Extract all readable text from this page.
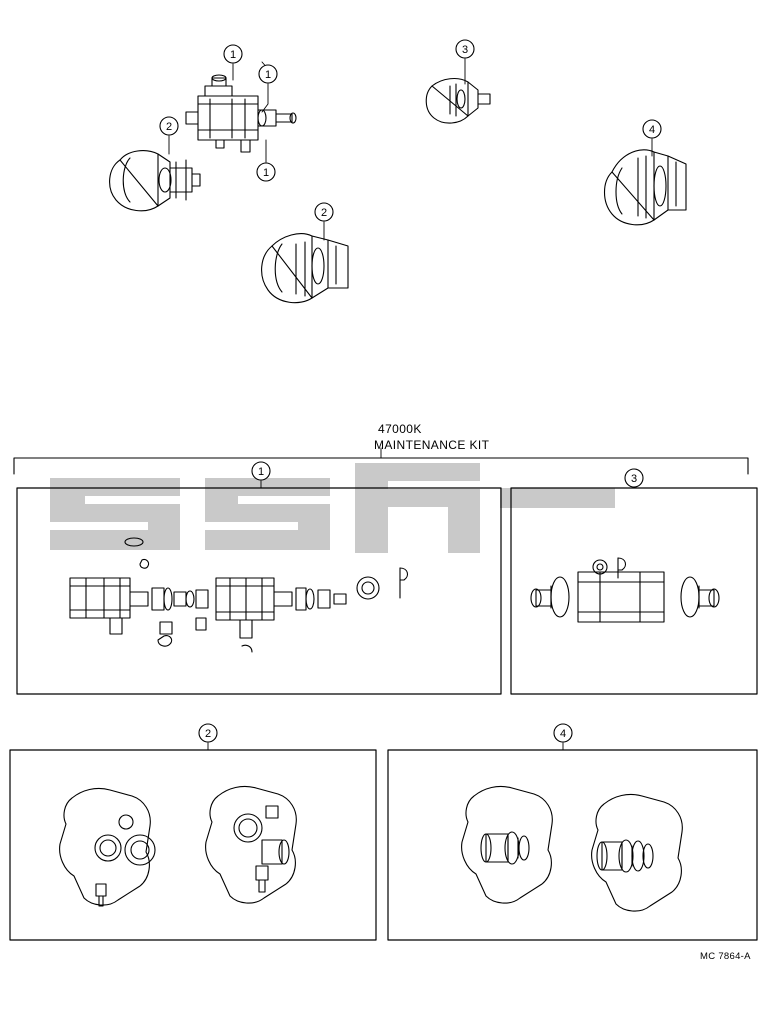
1
1
1
2
2
3
4
1
3
2	4
47000K
MAINTENANCE KIT
MC 7864-A
